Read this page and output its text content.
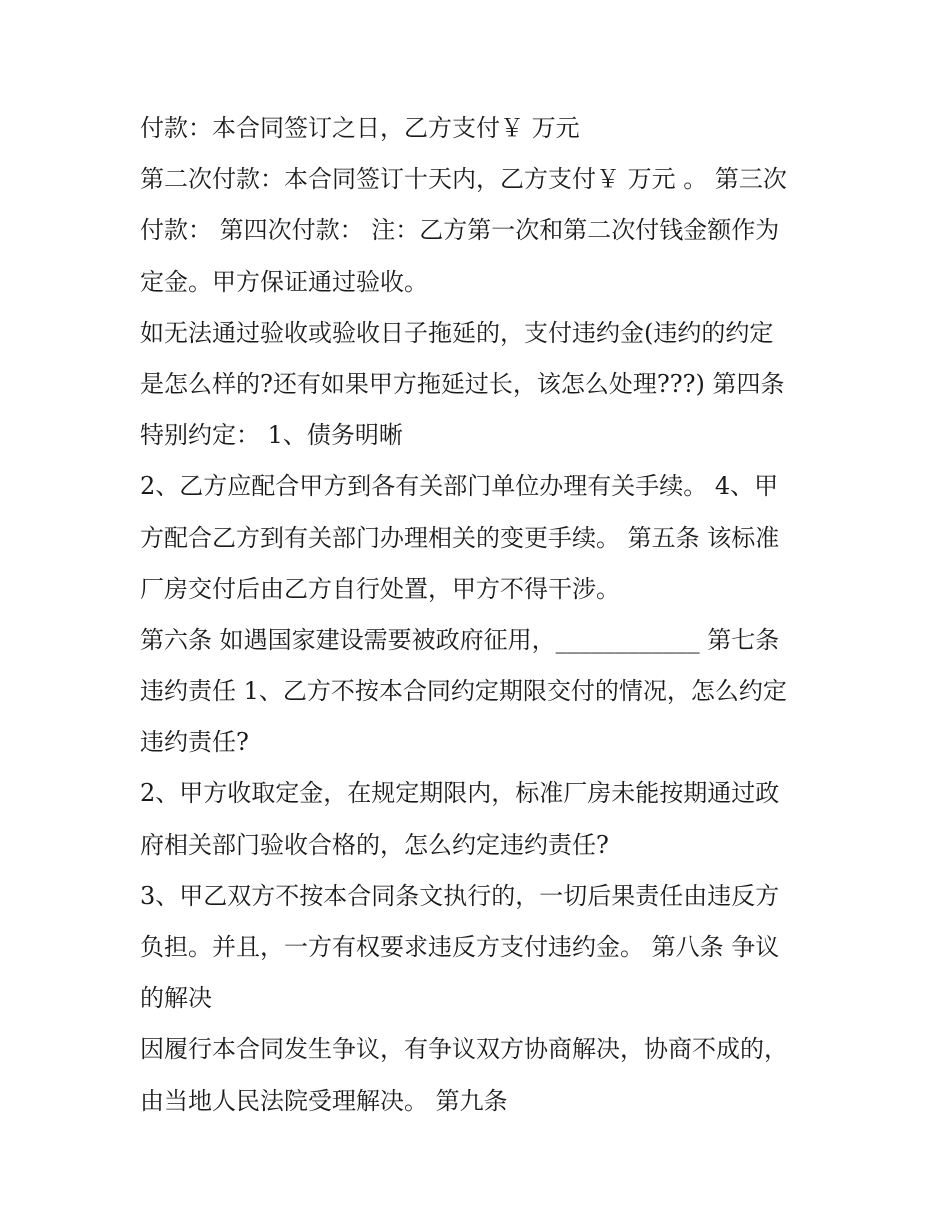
付款：本合同签订之日，乙方支付￥ 万元
第二次付款：本合同签订十天内，乙方支付￥ 万元 。 第三次
付款： 第四次付款： 注：乙方第一次和第二次付钱金额作为
定金。甲方保证通过验收。
如无法通过验收或验收日子拖延的，支付违约金(违约的约定
是怎么样的?还有如果甲方拖延过长，该怎么处理???) 第四条
特别约定： 1、债务明晰
2、乙方应配合甲方到各有关部门单位办理有关手续。 4、甲
方配合乙方到有关部门办理相关的变更手续。 第五条 该标准
厂房交付后由乙方自行处置，甲方不得干涉。
第六条 如遇国家建设需要被政府征用，____________ 第七条
违约责任 1、乙方不按本合同约定期限交付的情况，怎么约定
违约责任?
2、甲方收取定金，在规定期限内，标准厂房未能按期通过政
府相关部门验收合格的，怎么约定违约责任?
3、甲乙双方不按本合同条文执行的，一切后果责任由违反方
负担。并且，一方有权要求违反方支付违约金。 第八条 争议
的解决
因履行本合同发生争议，有争议双方协商解决，协商不成的，
由当地人民法院受理解决。 第九条
